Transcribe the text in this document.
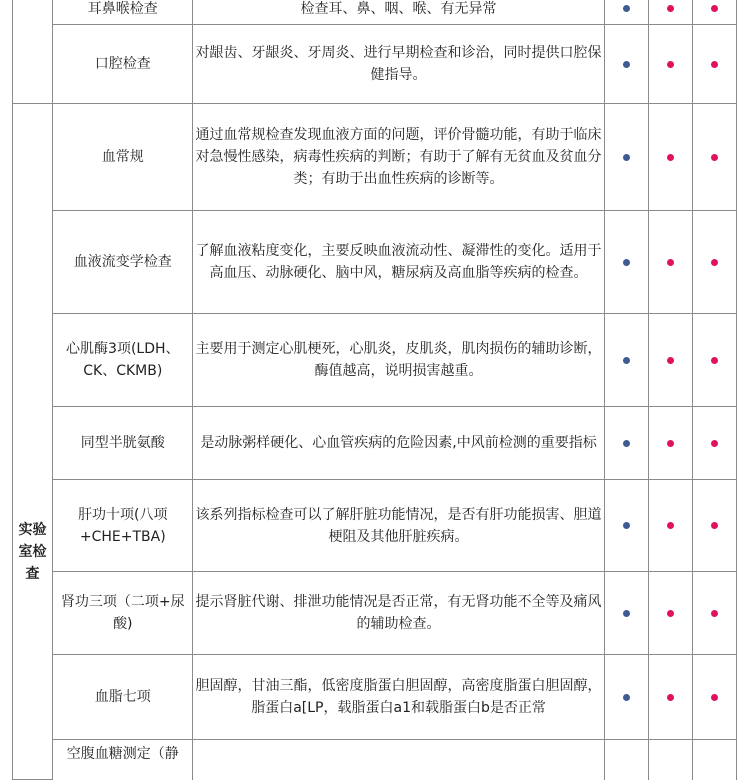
	耳鼻喉检查	检查耳、鼻、咽、喉、有无异常			
	口腔检查	对龈齿、牙龈炎、牙周炎、进行早期检查和诊治，同时提供口腔保健指导。			
实验室检查	血常规	通过血常规检查发现血液方面的问题，评价骨髓功能，有助于临床对急慢性感染，病毒性疾病的判断；有助于了解有无贫血及贫血分类；有助于出血性疾病的诊断等。			
	血液流变学检查	了解血液粘度变化，主要反映血液流动性、凝滞性的变化。适用于高血压、动脉硬化、脑中风，糖尿病及高血脂等疾病的检查。			
	心肌酶3项(LDH、CK、CKMB)	主要用于测定心肌梗死，心肌炎，皮肌炎，肌肉损伤的辅助诊断，酶值越高，说明损害越重。			
	同型半胱氨酸	是动脉粥样硬化、心血管疾病的危险因素,中风前检测的重要指标			
	肝功十项(八项+CHE+TBA)	该系列指标检查可以了解肝脏功能情况，是否有肝功能损害、胆道梗阻及其他肝脏疾病。			
	肾功三项（二项+尿酸)	提示肾脏代谢、排泄功能情况是否正常，有无肾功能不全等及痛风的辅助检查。			
	血脂七项	胆固醇，甘油三酯，低密度脂蛋白胆固醇，高密度脂蛋白胆固醇，脂蛋白a[LP，载脂蛋白a1和载脂蛋白b是否正常			
	空腹血糖测定（静				
